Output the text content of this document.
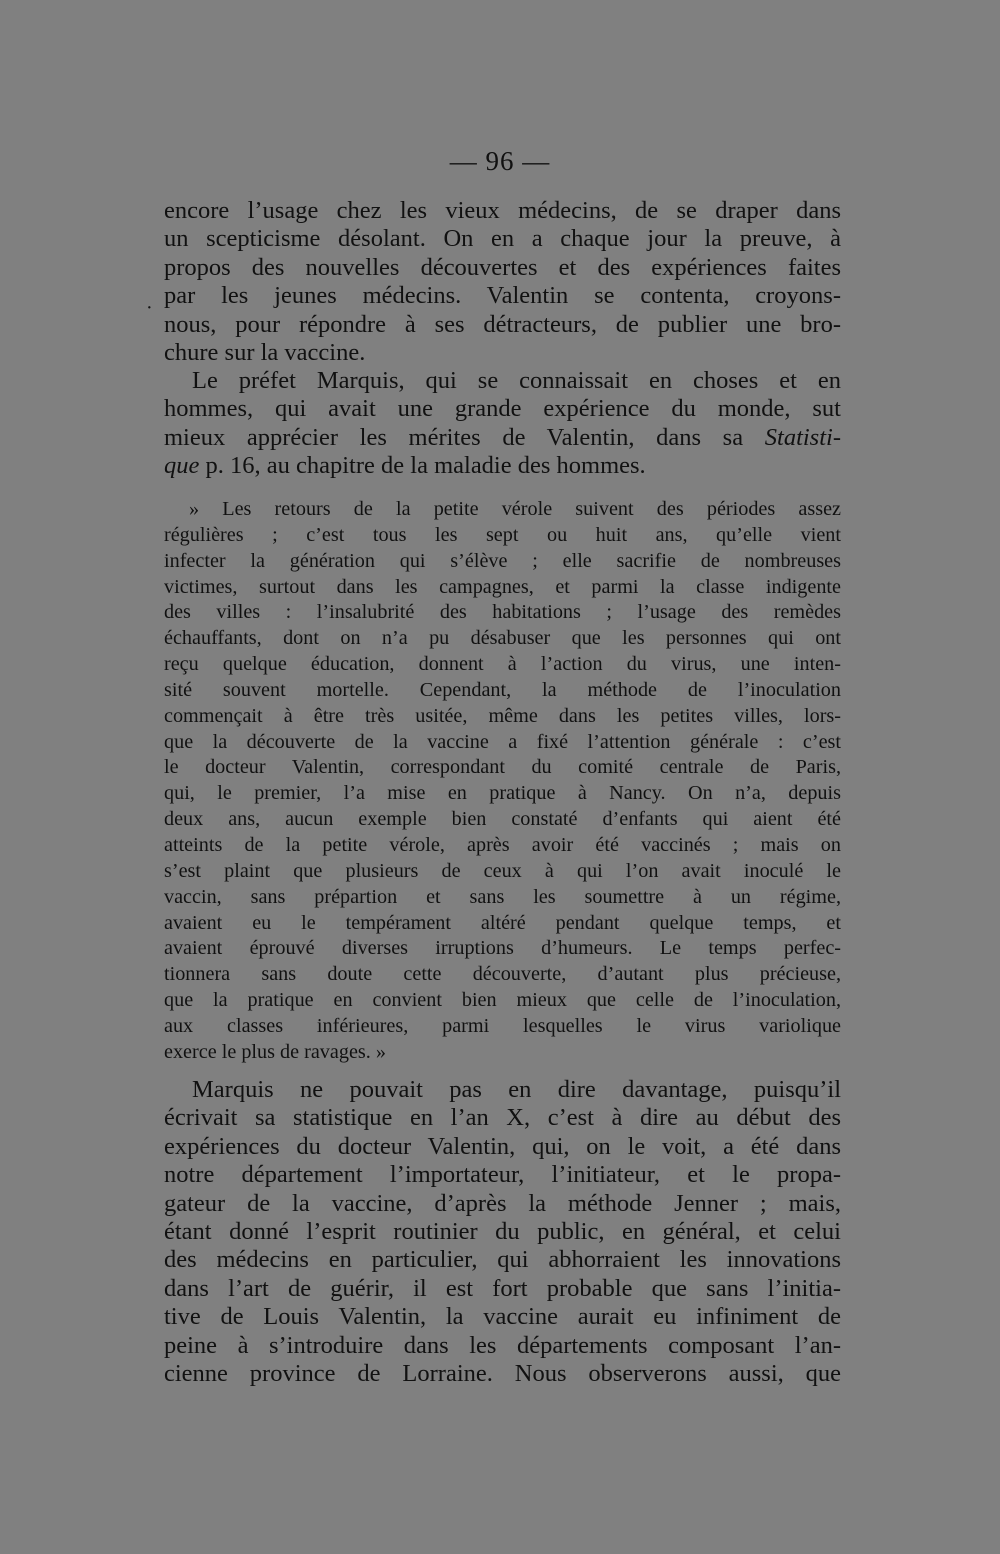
— 96 —
·
encore l’usage chez les vieux médecins, de se draper dans
un scepticisme désolant. On en a chaque jour la preuve, à
propos des nouvelles découvertes et des expériences faites
par les jeunes médecins. Valentin se contenta, croyons-
nous, pour répondre à ses détracteurs, de publier une bro-
chure sur la vaccine.
Le préfet Marquis, qui se connaissait en choses et en
hommes, qui avait une grande expérience du monde, sut
mieux apprécier les mérites de Valentin, dans sa Statisti-
que p. 16, au chapitre de la maladie des hommes.
» Les retours de la petite vérole suivent des périodes assez
régulières ; c’est tous les sept ou huit ans, qu’elle vient
infecter la génération qui s’élève ; elle sacrifie de nombreuses
victimes, surtout dans les campagnes, et parmi la classe indigente
des villes : l’insalubrité des habitations ; l’usage des remèdes
échauffants, dont on n’a pu désabuser que les personnes qui ont
reçu quelque éducation, donnent à l’action du virus, une inten-
sité souvent mortelle. Cependant, la méthode de l’inoculation
commençait à être très usitée, même dans les petites villes, lors-
que la découverte de la vaccine a fixé l’attention générale : c’est
le docteur Valentin, correspondant du comité centrale de Paris,
qui, le premier, l’a mise en pratique à Nancy. On n’a, depuis
deux ans, aucun exemple bien constaté d’enfants qui aient été
atteints de la petite vérole, après avoir été vaccinés ; mais on
s’est plaint que plusieurs de ceux à qui l’on avait inoculé le
vaccin, sans prépartion et sans les soumettre à un régime,
avaient eu le tempérament altéré pendant quelque temps, et
avaient éprouvé diverses irruptions d’humeurs. Le temps perfec-
tionnera sans doute cette découverte, d’autant plus précieuse,
que la pratique en convient bien mieux que celle de l’inoculation,
aux classes inférieures, parmi lesquelles le virus variolique
exerce le plus de ravages. »
Marquis ne pouvait pas en dire davantage, puisqu’il
écrivait sa statistique en l’an X, c’est à dire au début des
expériences du docteur Valentin, qui, on le voit, a été dans
notre département l’importateur, l’initiateur, et le propa-
gateur de la vaccine, d’après la méthode Jenner ; mais,
étant donné l’esprit routinier du public, en général, et celui
des médecins en particulier, qui abhorraient les innovations
dans l’art de guérir, il est fort probable que sans l’initia-
tive de Louis Valentin, la vaccine aurait eu infiniment de
peine à s’introduire dans les départements composant l’an-
cienne province de Lorraine. Nous observerons aussi, que
